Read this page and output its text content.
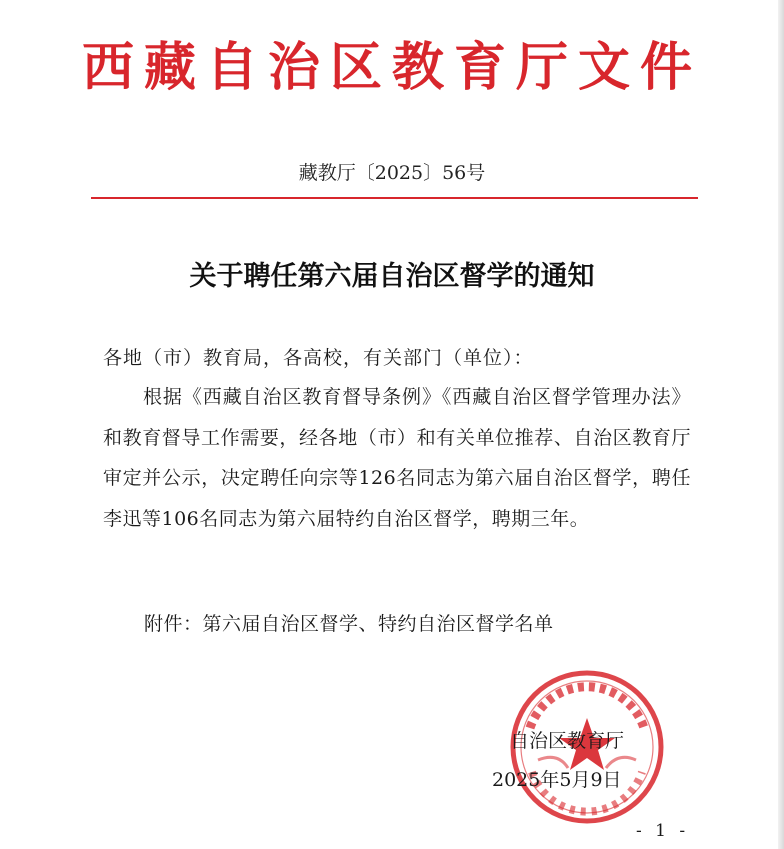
西藏自治区教育厅文件
藏教厅〔2025〕56号
关于聘任第六届自治区督学的通知
各地（市）教育局，各高校，有关部门（单位）：
根据《西藏自治区教育督导条例》《西藏自治区督学管理办法》和教育督导工作需要，经各地（市）和有关单位推荐、自治区教育厅审定并公示，决定聘任向宗等126名同志为第六届自治区督学，聘任李迅等106名同志为第六届特约自治区督学，聘期三年。
附件：第六届自治区督学、特约自治区督学名单
自治区教育厅
2025年5月9日
- 1 -
